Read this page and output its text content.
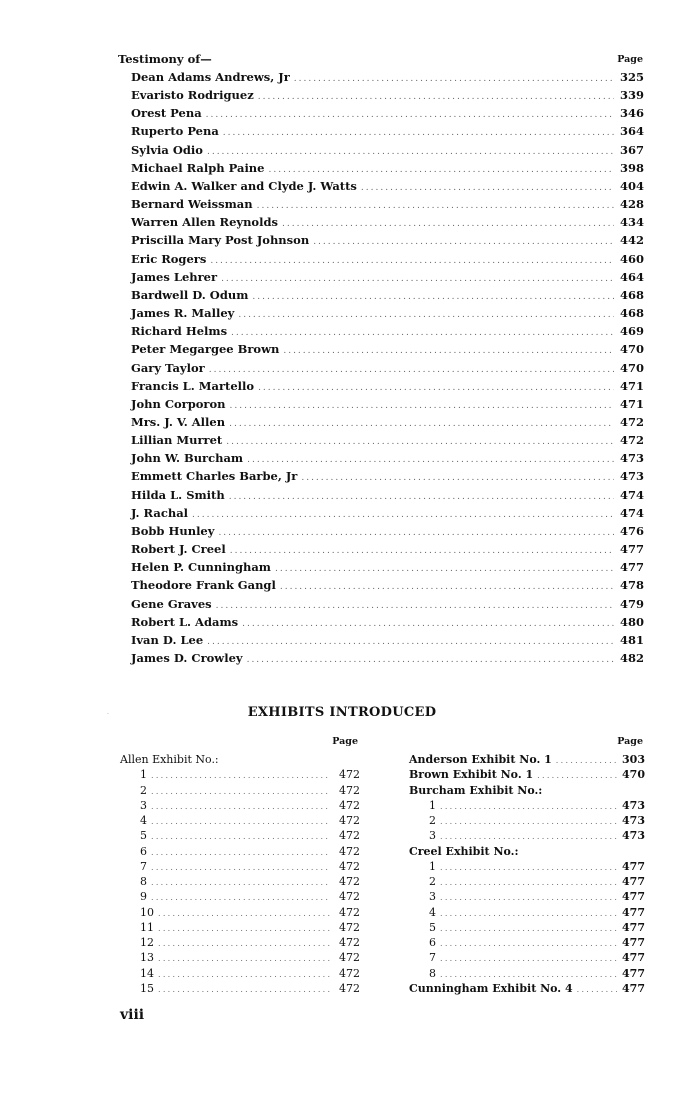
Testimony of—	Page
Dean Adams Andrews, Jr .....	325
Evaristo Rodriguez .....	339
Orest Pena .....	346
Ruperto Pena .....	364
Sylvia Odio .....	367
Michael Ralph Paine .....	398
Edwin A. Walker and Clyde J. Watts .....	404
Bernard Weissman .....	428
Warren Allen Reynolds .....	434
Priscilla Mary Post Johnson .....	442
Eric Rogers .....	460
James Lehrer .....	464
Bardwell D. Odum .....	468
James R. Malley .....	468
Richard Helms .....	469
Peter Megargee Brown .....	470
Gary Taylor .....	470
Francis L. Martello .....	471
John Corporon .....	471
Mrs. J. V. Allen .....	472
Lillian Murret .....	472
John W. Burcham .....	473
Emmett Charles Barbe, Jr .....	473
Hilda L. Smith .....	474
J. Rachal .....	474
Bobb Hunley .....	476
Robert J. Creel .....	477
Helen P. Cunningham .....	477
Theodore Frank Gangl .....	478
Gene Graves .....	479
Robert L. Adams .....	480
Ivan D. Lee .....	481
James D. Crowley .....	482
·	EXHIBITS INTRODUCED
Page
Allen Exhibit No.:
1 .....	472
2 .....	472
3 .....	472
4 .....	472
5 .....	472
6 .....	472
7 .....	472
8 .....	472
9 .....	472
10 .....	472
11 .....	472
12 .....	472
13 .....	472
14 .....	472
15 .....	472
Page
Anderson Exhibit No. 1 .....	303
Brown Exhibit No. 1 .....	470
Burcham Exhibit No.:
1 .....	473
2 .....	473
3 .....	473
Creel Exhibit No.:
1 .....	477
2 .....	477
3 .....	477
4 .....	477
5 .....	477
6 .....	477
7 .....	477
8 .....	477
Cunningham Exhibit No. 4 .....	477
viii
